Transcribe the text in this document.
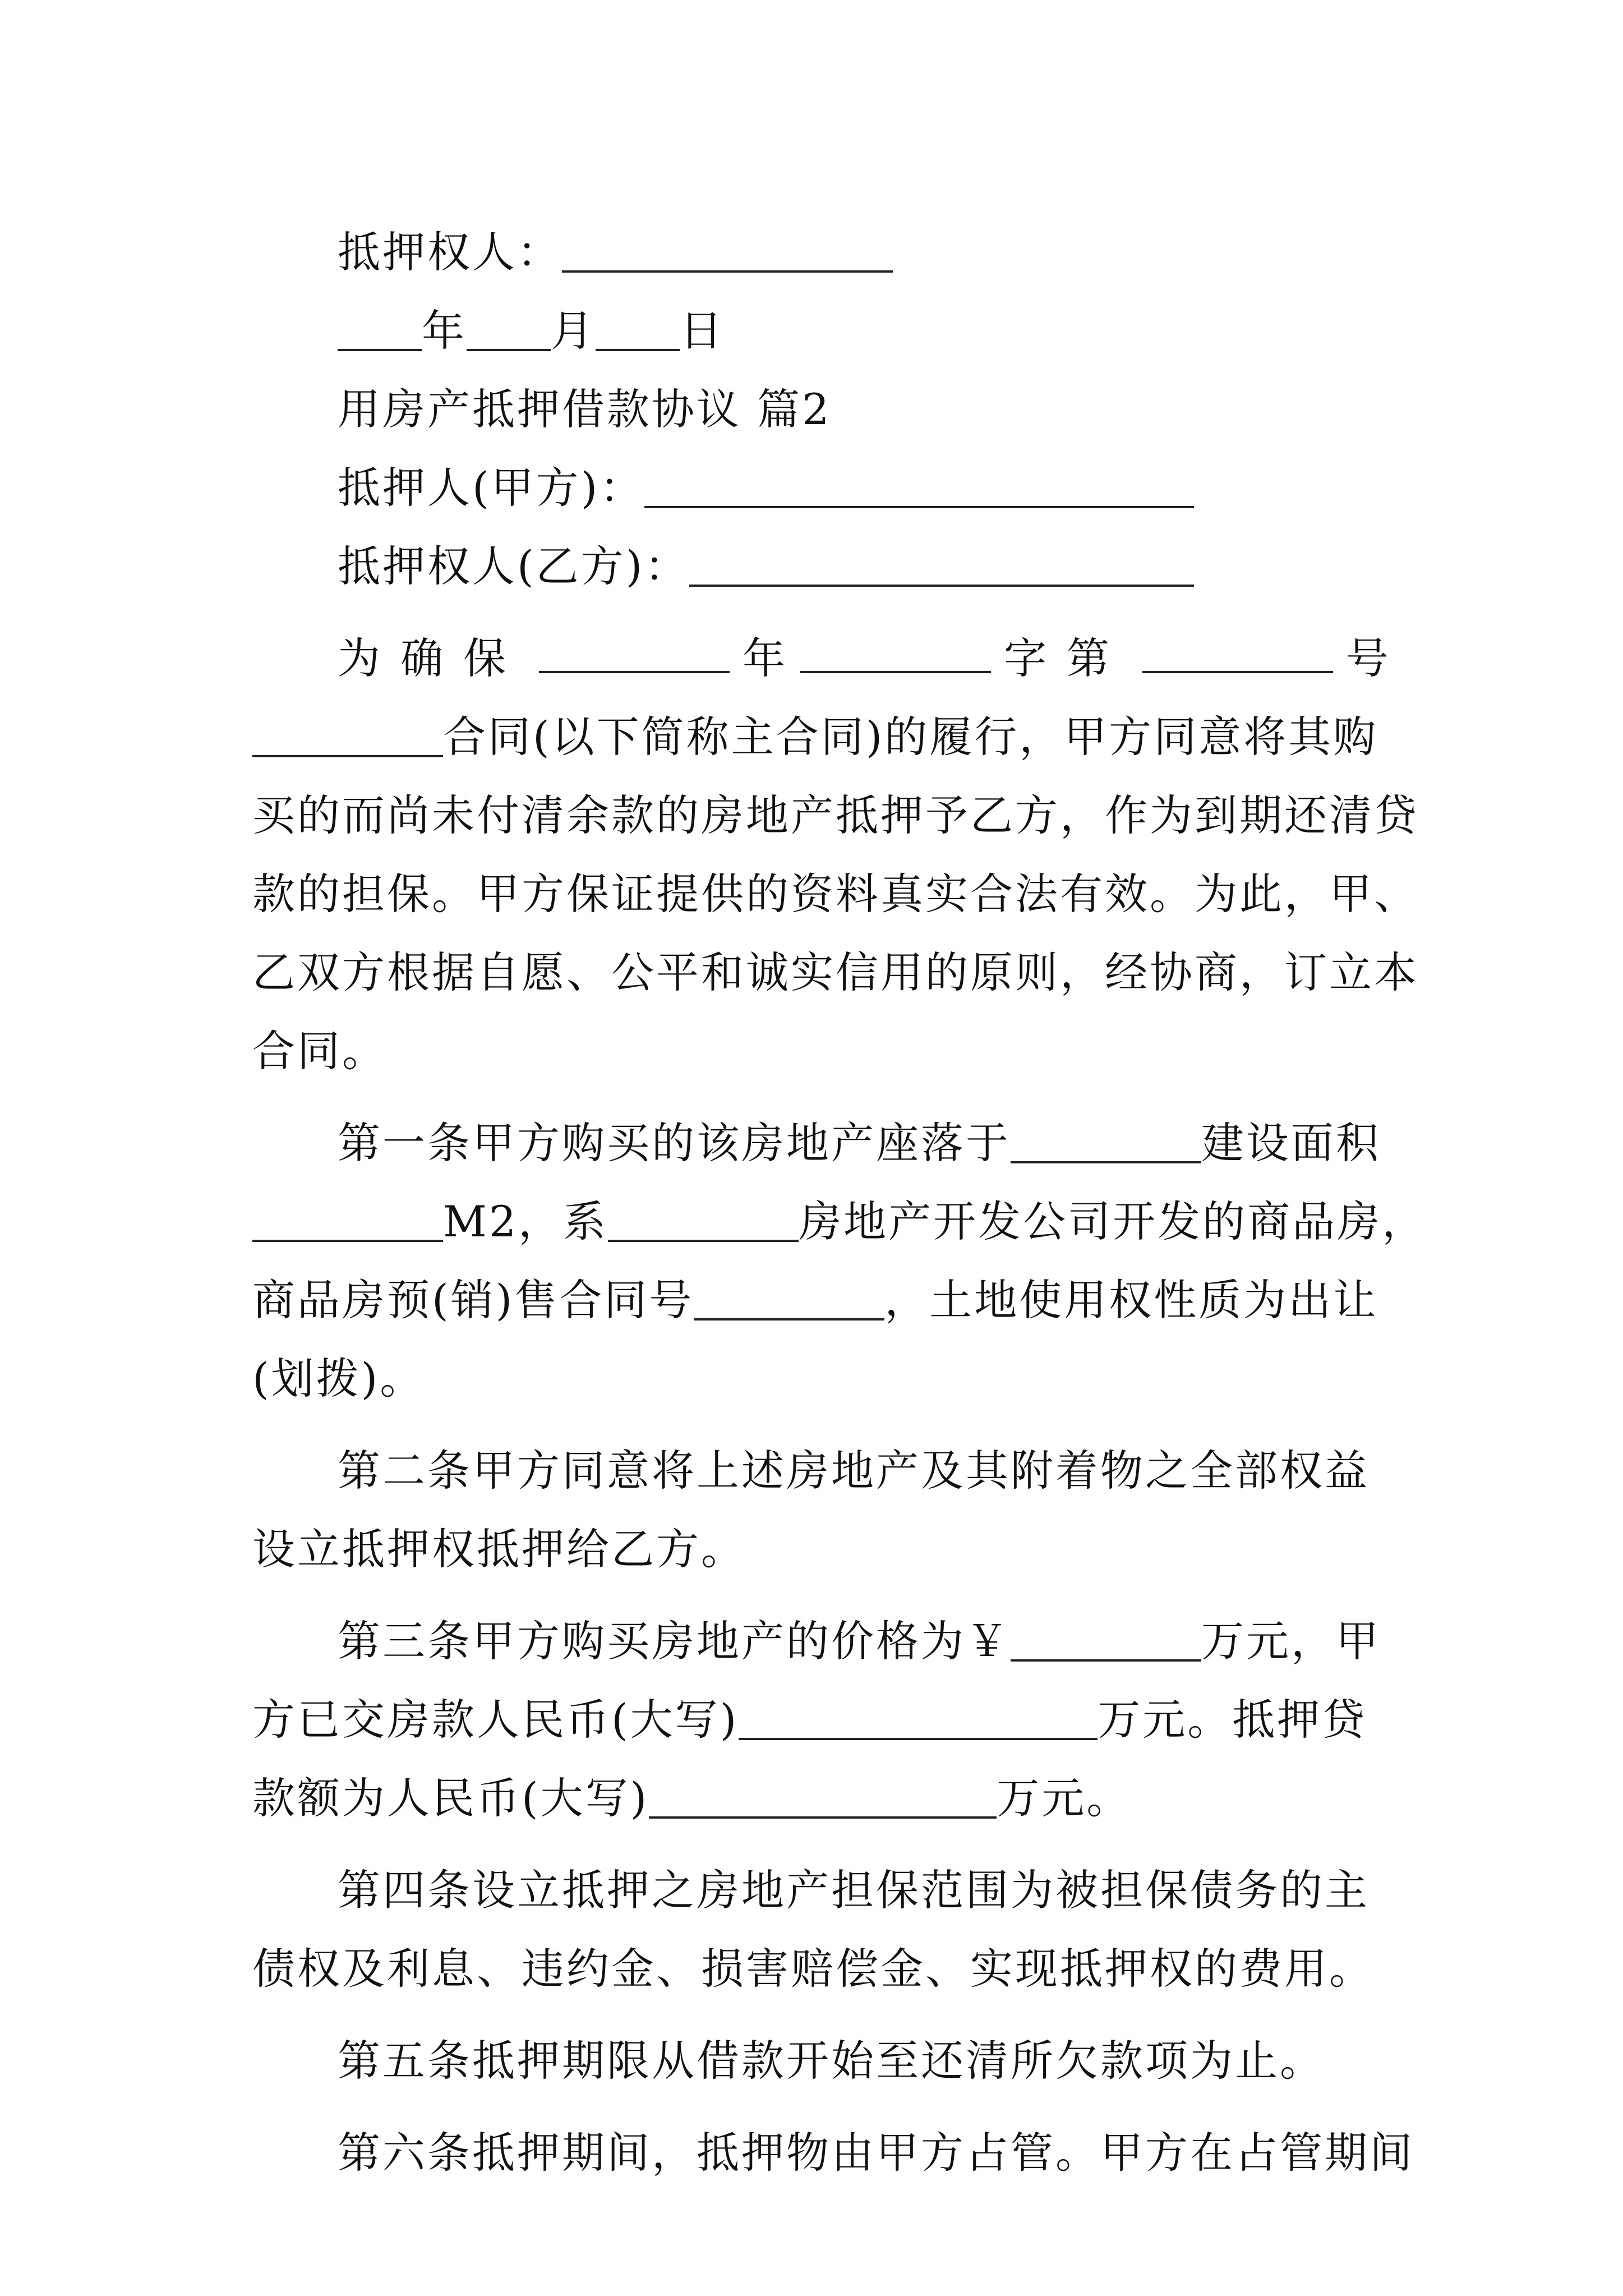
抵押权人：
年 月 日
用房产抵押借款协议 篇2
抵押人(甲方)：
抵押权人(乙方)：
为确保	年	字第	号
合同(以下简称主合同)的履行，甲方同意将其购
买的而尚未付清余款的房地产抵押予乙方，作为到期还清贷
款的担保。甲方保证提供的资料真实合法有效。为此，甲、
乙双方根据自愿、公平和诚实信用的原则，经协商，订立本
合同。
第一条甲方购买的该房地产座落于	建设面积
M2，系	房地产开发公司开发的商品房，
商品房预(销)售合同号	，土地使用权性质为出让
(划拨)。
第二条甲方同意将上述房地产及其附着物之全部权益
设立抵押权抵押给乙方。
第三条甲方购买房地产的价格为￥	万元，甲
方已交房款人民币(大写)	万元。抵押贷
款额为人民币(大写)	万元。
第四条设立抵押之房地产担保范围为被担保债务的主
债权及利息、违约金、损害赔偿金、实现抵押权的费用。
第五条抵押期限从借款开始至还清所欠款项为止。
第六条抵押期间，抵押物由甲方占管。甲方在占管期间
